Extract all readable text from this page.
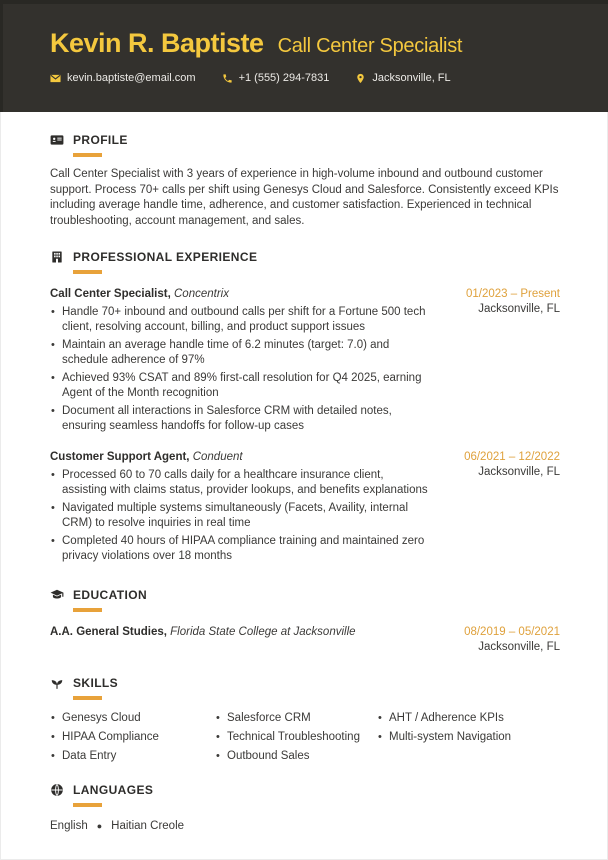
Kevin R. Baptiste Call Center Specialist
kevin.baptiste@email.com	+1 (555) 294-7831	Jacksonville, FL
PROFILE

Call Center Specialist with 3 years of experience in high-volume inbound and outbound customer support. Process 70+ calls per shift using Genesys Cloud and Salesforce. Consistently exceed KPIs including average handle time, adherence, and customer satisfaction. Experienced in technical troubleshooting, account management, and sales.

PROFESSIONAL EXPERIENCE
Call Center Specialist, Concentrix
• Handle 70+ inbound and outbound calls per shift for a Fortune 500 tech client, resolving account, billing, and product support issues
• Maintain an average handle time of 6.2 minutes (target: 7.0) and schedule adherence of 97%
• Achieved 93% CSAT and 89% first-call resolution for Q4 2025, earning Agent of the Month recognition
• Document all interactions in Salesforce CRM with detailed notes, ensuring seamless handoffs for follow-up cases
01/2023 – Present
Jacksonville, FL
Customer Support Agent, Conduent
• Processed 60 to 70 calls daily for a healthcare insurance client, assisting with claims status, provider lookups, and benefits explanations
• Navigated multiple systems simultaneously (Facets, Availity, internal CRM) to resolve inquiries in real time
• Completed 40 hours of HIPAA compliance training and maintained zero privacy violations over 18 months
06/2021 – 12/2022
Jacksonville, FL
EDUCATION
A.A. General Studies, Florida State College at Jacksonville	08/2019 – 05/2021
Jacksonville, FL
SKILLS
• Genesys Cloud
• HIPAA Compliance
• Data Entry
• Salesforce CRM
• Technical Troubleshooting
• Outbound Sales
• AHT / Adherence KPIs
• Multi-system Navigation
LANGUAGES
English ● Haitian Creole
